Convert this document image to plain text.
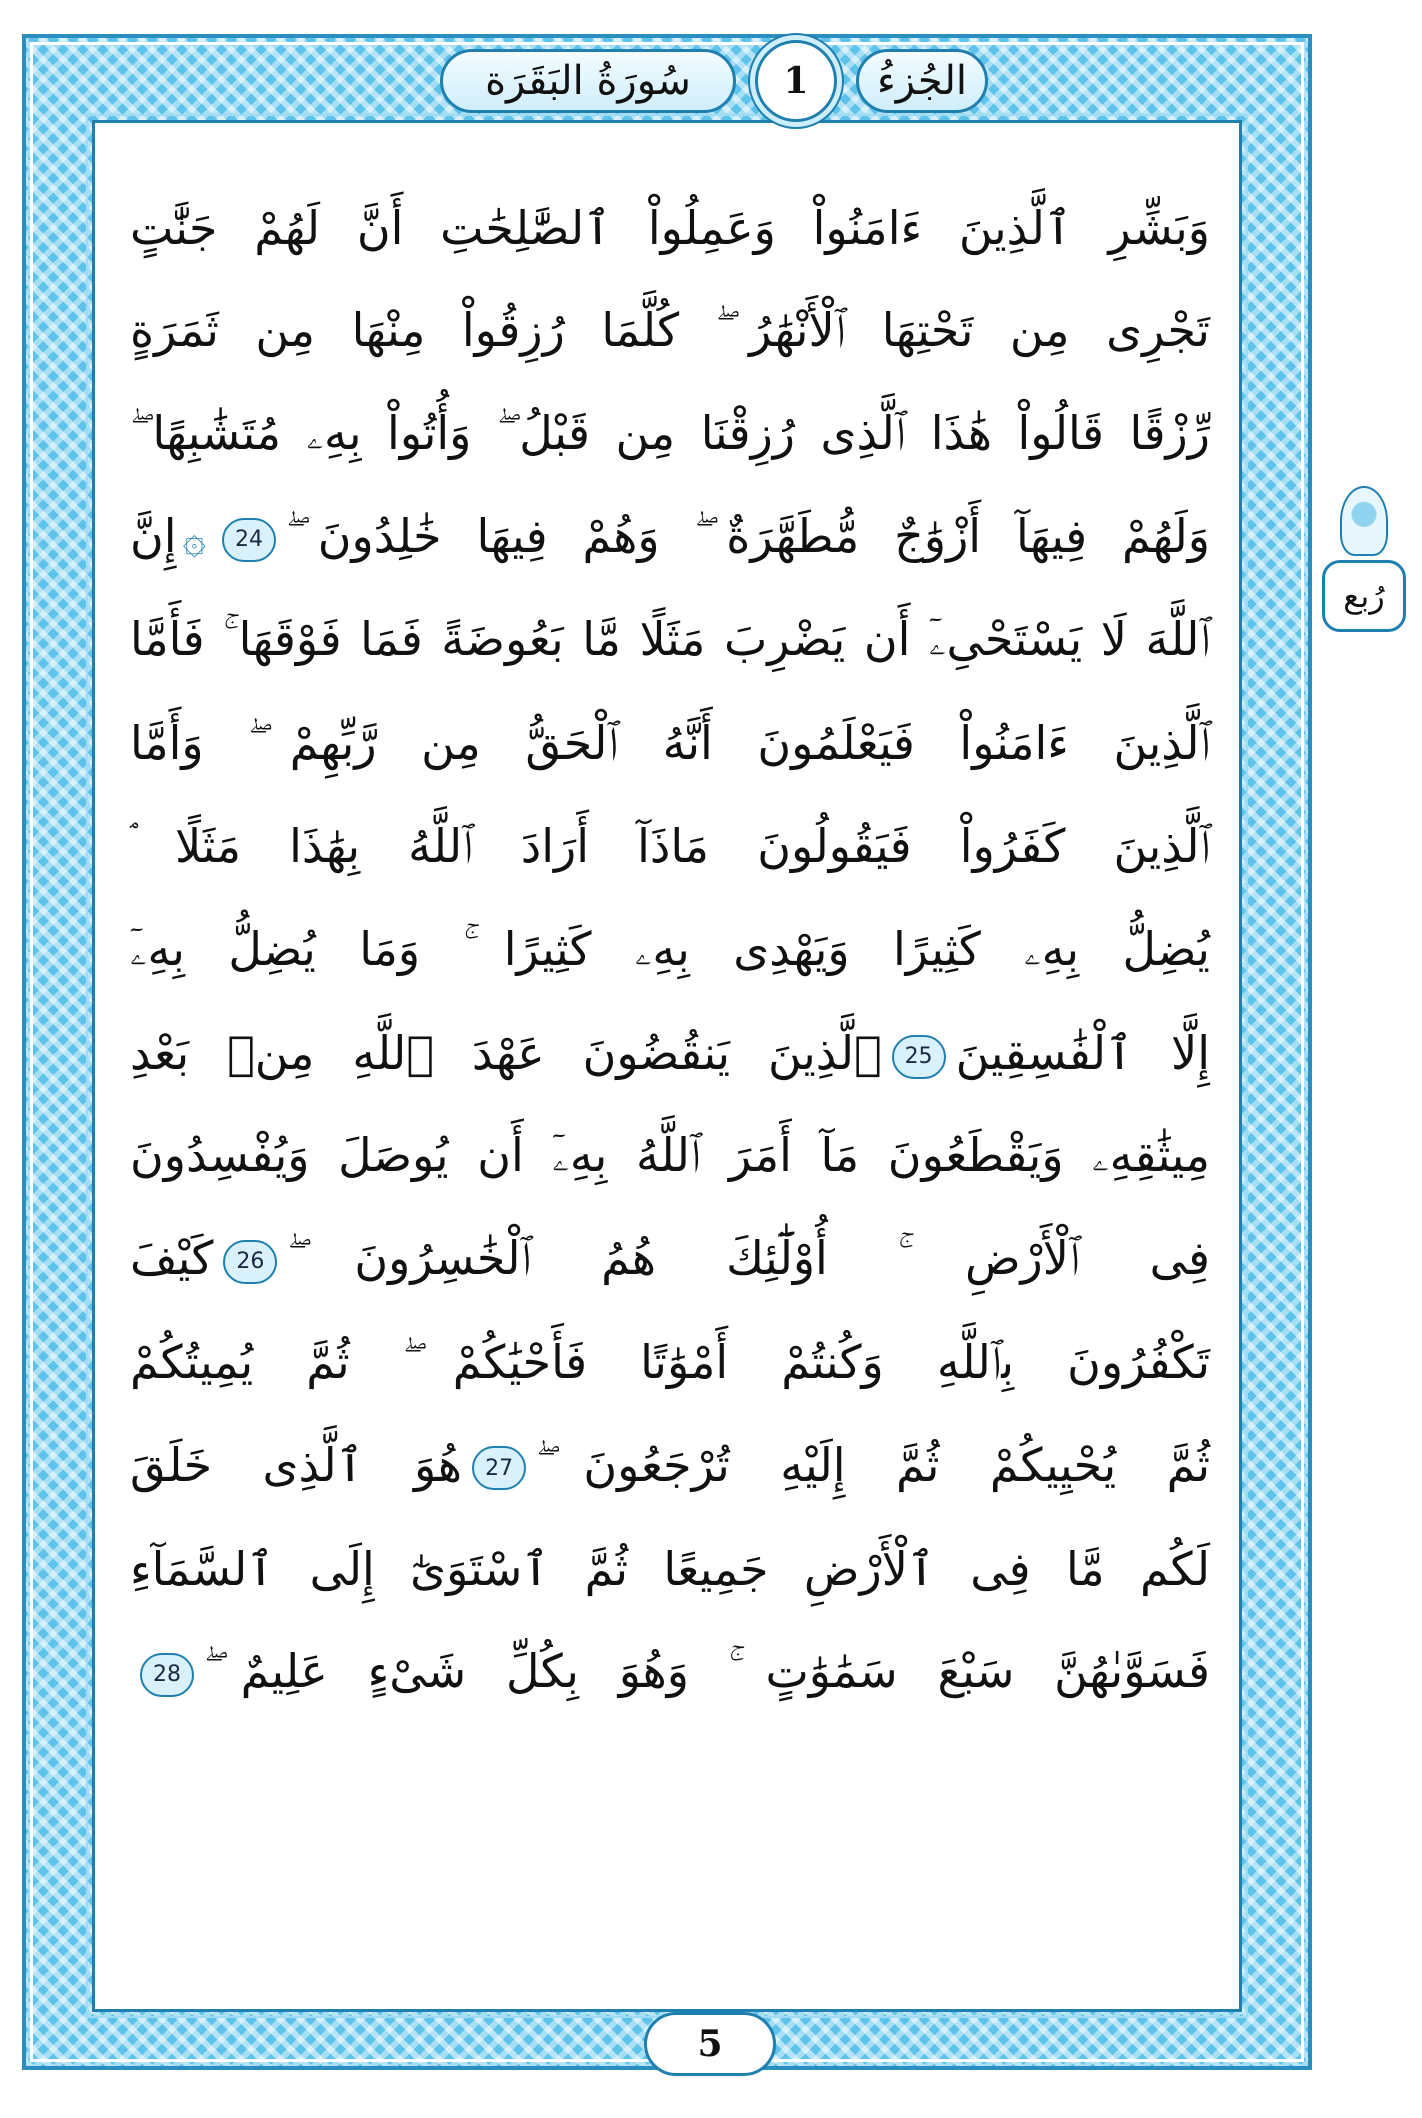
سُورَةُ البَقَرَة	1	الجُزءُ
رُبع
وَبَشِّرِ ٱلَّذِينَ ءَامَنُواْ وَعَمِلُواْ ٱلصَّٰلِحَٰتِ أَنَّ لَهُمْ جَنَّٰتٍ
تَجْرِى مِن تَحْتِهَا ٱلْأَنْهَٰرُ ۖ كُلَّمَا رُزِقُواْ مِنْهَا مِن ثَمَرَةٍ
رِّزْقًا قَالُواْ هَٰذَا ٱلَّذِى رُزِقْنَا مِن قَبْلُ ۖ وَأُتُواْ بِهِۦ مُتَشَٰبِهًا ۖ
وَلَهُمْ فِيهَآ أَزْوَٰجٌ مُّطَهَّرَةٌ ۖ وَهُمْ فِيهَا خَٰلِدُونَ ۖ24۞إِنَّ
ٱللَّهَ لَا يَسْتَحْىِۦٓ أَن يَضْرِبَ مَثَلًا مَّا بَعُوضَةً فَمَا فَوْقَهَا ۚ فَأَمَّا
ٱلَّذِينَ ءَامَنُواْ فَيَعْلَمُونَ أَنَّهُ ٱلْحَقُّ مِن رَّبِّهِمْ ۖ وَأَمَّا
ٱلَّذِينَ كَفَرُواْ فَيَقُولُونَ مَاذَآ أَرَادَ ٱللَّهُ بِهَٰذَا مَثَلًا ۘ
يُضِلُّ بِهِۦ كَثِيرًا وَيَهْدِى بِهِۦ كَثِيرًا ۚ وَمَا يُضِلُّ بِهِۦٓ
إِلَّا ٱلْفَٰسِقِينَ25ٱلَّذِينَ يَنقُضُونَ عَهْدَ ٱللَّهِ مِنۢ بَعْدِ
مِيثَٰقِهِۦ وَيَقْطَعُونَ مَآ أَمَرَ ٱللَّهُ بِهِۦٓ أَن يُوصَلَ وَيُفْسِدُونَ
فِى ٱلْأَرْضِ ۚ أُوْلَٰٓئِكَ هُمُ ٱلْخَٰسِرُونَ ۖ26كَيْفَ
تَكْفُرُونَ بِٱللَّهِ وَكُنتُمْ أَمْوَٰتًا فَأَحْيَٰكُمْ ۖ ثُمَّ يُمِيتُكُمْ
ثُمَّ يُحْيِيكُمْ ثُمَّ إِلَيْهِ تُرْجَعُونَ ۖ27هُوَ ٱلَّذِى خَلَقَ
لَكُم مَّا فِى ٱلْأَرْضِ جَمِيعًا ثُمَّ ٱسْتَوَىٰٓ إِلَى ٱلسَّمَآءِ
فَسَوَّىٰهُنَّ سَبْعَ سَمَٰوَٰتٍ ۚ وَهُوَ بِكُلِّ شَىْءٍ عَلِيمٌ ۖ28
5
